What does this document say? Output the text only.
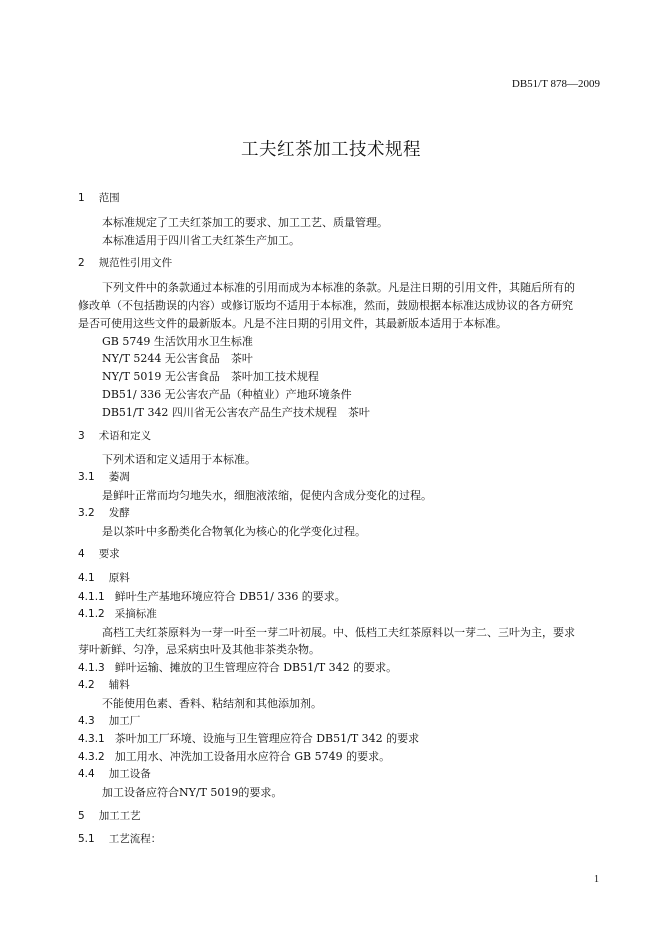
DB51/T 878—2009
工夫红茶加工技术规程
1 范围
本标准规定了工夫红茶加工的要求、加工工艺、质量管理。
本标准适用于四川省工夫红茶生产加工。
2 规范性引用文件
下列文件中的条款通过本标准的引用而成为本标准的条款。凡是注日期的引用文件，其随后所有的
修改单（不包括勘误的内容）或修订版均不适用于本标准，然而，鼓励根据本标准达成协议的各方研究
是否可使用这些文件的最新版本。凡是不注日期的引用文件，其最新版本适用于本标准。
GB 5749 生活饮用水卫生标准
NY/T 5244 无公害食品　茶叶
NY/T 5019 无公害食品　茶叶加工技术规程
DB51/ 336 无公害农产品（种植业）产地环境条件
DB51/T 342 四川省无公害农产品生产技术规程　茶叶
3 术语和定义
下列术语和定义适用于本标准。
3.1 萎凋
是鲜叶正常而均匀地失水，细胞液浓缩，促使内含成分变化的过程。
3.2 发酵
是以茶叶中多酚类化合物氧化为核心的化学变化过程。
4 要求
4.1 原料
4.1.1 鲜叶生产基地环境应符合 DB51/ 336 的要求。
4.1.2 采摘标准
高档工夫红茶原料为一芽一叶至一芽二叶初展。中、低档工夫红茶原料以一芽二、三叶为主，要求
芽叶新鲜、匀净，忌采病虫叶及其他非茶类杂物。
4.1.3 鲜叶运输、摊放的卫生管理应符合 DB51/T 342 的要求。
4.2 辅料
不能使用色素、香料、粘结剂和其他添加剂。
4.3 加工厂
4.3.1 茶叶加工厂环境、设施与卫生管理应符合 DB51/T 342 的要求
4.3.2 加工用水、冲洗加工设备用水应符合 GB 5749 的要求。
4.4 加工设备
加工设备应符合NY/T 5019的要求。
5 加工工艺
5.1 工艺流程：
1
